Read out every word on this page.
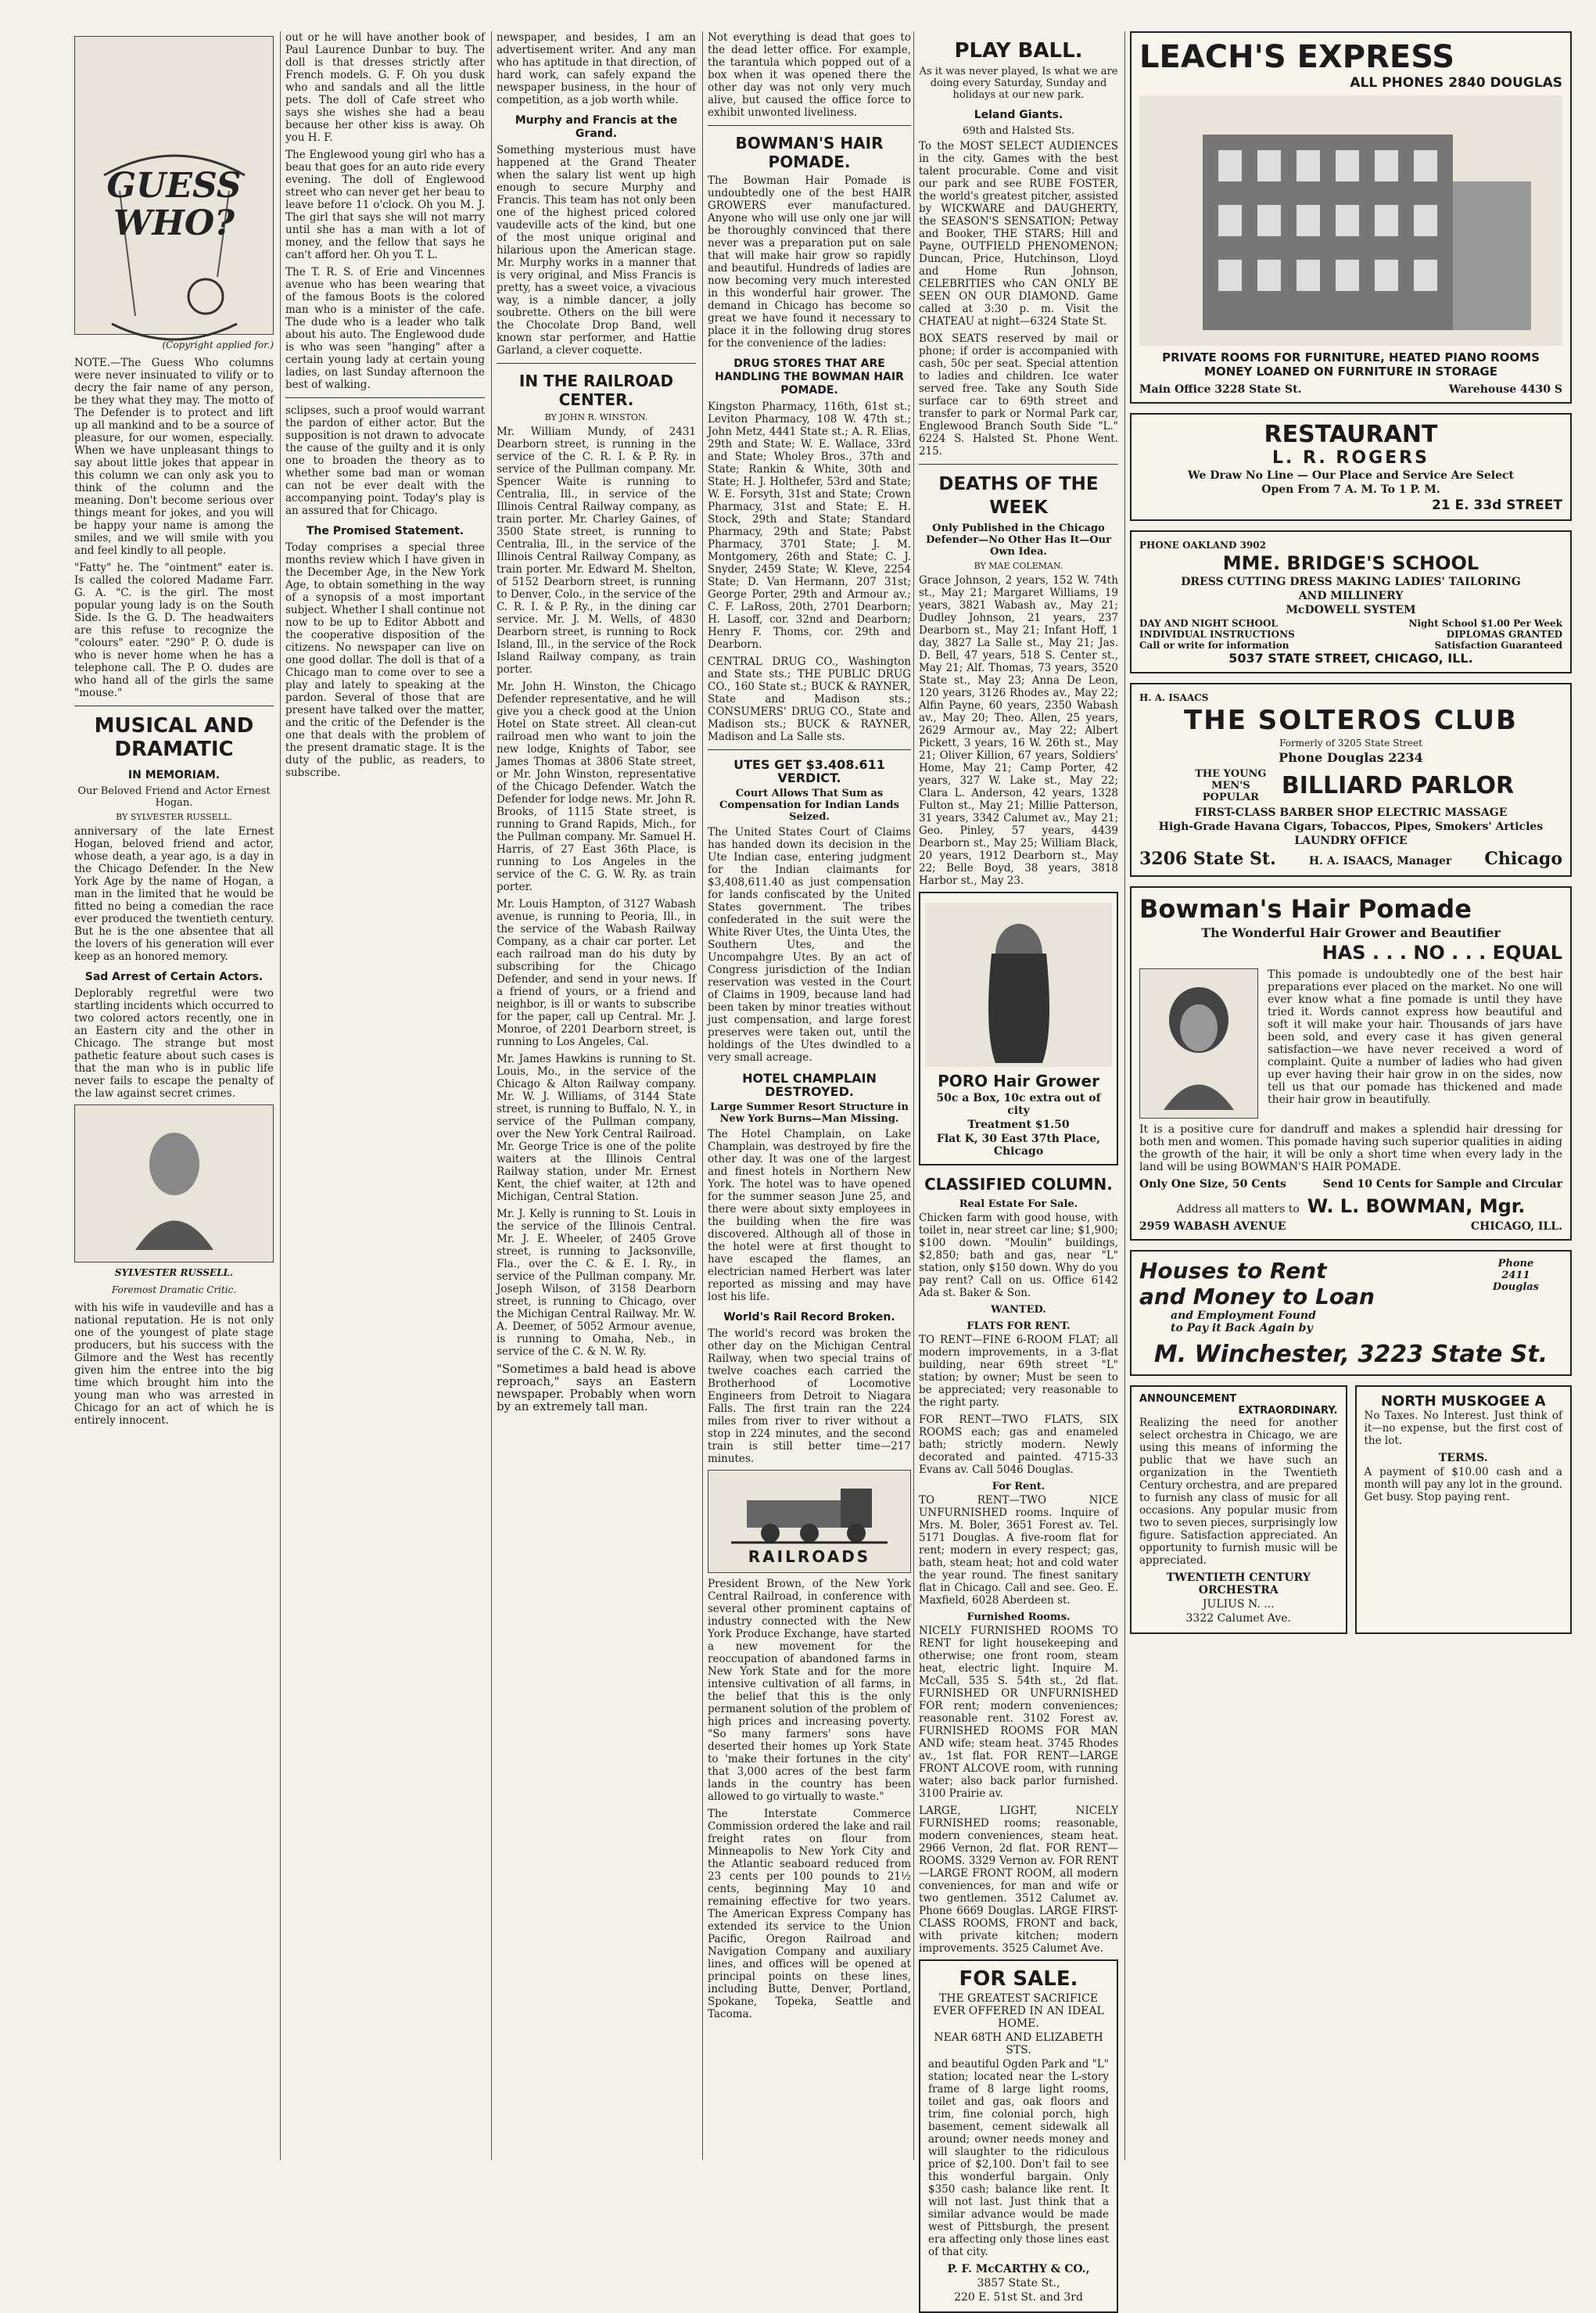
GUESS WHO?
(Copyright applied for.)

NOTE.—The Guess Who columns were never insinuated to vilify or to decry the fair name of any person, be they what they may. The motto of The Defender is to protect and lift up all mankind and to be a source of pleasure, for our women, especially. When we have unpleasant things to say about little jokes that appear in this column we can only ask you to think of the column and the meaning. Don't become serious over things meant for jokes, and you will be happy your name is among the smiles, and we will smile with you and feel kindly to all people.

"Fatty" he. The "ointment" eater is. Is called the colored Madame Farr. G. A. "C. is the girl. The most popular young lady is on the South Side. Is the G. D. The headwaiters are this refuse to recognize the "colours" eater. "290" P. O. dude is who is never home when he has a telephone call. The P. O. dudes are who hand all of the girls the same "mouse."

MUSICAL AND DRAMATIC
IN MEMORIAM.
Our Beloved Friend and Actor Ernest Hogan.
BY SYLVESTER RUSSELL.

anniversary of the late Ernest Hogan, beloved friend and actor, whose death, a year ago, is a day in the Chicago Defender. In the New York Age by the name of Hogan, a man in the limited that he would be fitted no being a comedian the race ever produced the twentieth century. But he is the one absentee that all the lovers of his generation will ever keep as an honored memory.

Sad Arrest of Certain Actors.

Deplorably regretful were two startling incidents which occurred to two colored actors recently, one in an Eastern city and the other in Chicago. The strange but most pathetic feature about such cases is that the man who is in public life never fails to escape the penalty of the law against secret crimes.

SYLVESTER RUSSELL.
Foremost Dramatic Critic.

with his wife in vaudeville and has a national reputation. He is not only one of the youngest of plate stage producers, but his success with the Gilmore and the West has recently given him the entree into the big time which brought him into the young man who was arrested in Chicago for an act of which he is entirely innocent.

out or he will have another book of Paul Laurence Dunbar to buy. The doll is that dresses strictly after French models. G. F. Oh you dusk who and sandals and all the little pets. The doll of Cafe street who says she wishes she had a beau because her other kiss is away. Oh you H. F.

The Englewood young girl who has a beau that goes for an auto ride every evening. The doll of Englewood street who can never get her beau to leave before 11 o'clock. Oh you M. J. The girl that says she will not marry until she has a man with a lot of money, and the fellow that says he can't afford her. Oh you T. L.

The T. R. S. of Erie and Vincennes avenue who has been wearing that of the famous Boots is the colored man who is a minister of the cafe. The dude who is a leader who talk about his auto. The Englewood dude is who was seen "hanging" after a certain young lady at certain young ladies, on last Sunday afternoon the best of walking.

sclipses, such a proof would warrant the pardon of either actor. But the supposition is not drawn to advocate the cause of the guilty and it is only one to broaden the theory as to whether some bad man or woman can not be ever dealt with the accompanying point. Today's play is an assured that for Chicago.

The Promised Statement.

Today comprises a special three months review which I have given in the December Age, in the New York Age, to obtain something in the way of a synopsis of a most important subject. Whether I shall continue not now to be up to Editor Abbott and the cooperative disposition of the citizens. No newspaper can live on one good dollar. The doll is that of a Chicago man to come over to see a play and lately to speaking at the pardon. Several of those that are present have talked over the matter, and the critic of the Defender is the one that deals with the problem of the present dramatic stage. It is the duty of the public, as readers, to subscribe.

newspaper, and besides, I am an advertisement writer. And any man who has aptitude in that direction, of hard work, can safely expand the newspaper business, in the hour of competition, as a job worth while.

Murphy and Francis at the Grand.

Something mysterious must have happened at the Grand Theater when the salary list went up high enough to secure Murphy and Francis. This team has not only been one of the highest priced colored vaudeville acts of the kind, but one of the most unique original and hilarious upon the American stage. Mr. Murphy works in a manner that is very original, and Miss Francis is pretty, has a sweet voice, a vivacious way, is a nimble dancer, a jolly soubrette. Others on the bill were the Chocolate Drop Band, well known star performer, and Hattie Garland, a clever coquette.

IN THE RAILROAD CENTER.
BY JOHN R. WINSTON.

Mr. William Mundy, of 2431 Dearborn street, is running in the service of the C. R. I. & P. Ry. in service of the Pullman company. Mr. Spencer Waite is running to Centralia, Ill., in service of the Illinois Central Railway company, as train porter. Mr. Charley Gaines, of 3500 State street, is running to Centralia, Ill., in the service of the Illinois Central Railway Company, as train porter. Mr. Edward M. Shelton, of 5152 Dearborn street, is running to Denver, Colo., in the service of the C. R. I. & P. Ry., in the dining car service. Mr. J. M. Wells, of 4830 Dearborn street, is running to Rock Island, Ill., in the service of the Rock Island Railway company, as train porter.

Mr. John H. Winston, the Chicago Defender representative, and he will give you a check good at the Union Hotel on State street. All clean-cut railroad men who want to join the new lodge, Knights of Tabor, see James Thomas at 3806 State street, or Mr. John Winston, representative of the Chicago Defender. Watch the Defender for lodge news. Mr. John R. Brooks, of 1115 State street, is running to Grand Rapids, Mich., for the Pullman company. Mr. Samuel H. Harris, of 27 East 36th Place, is running to Los Angeles in the service of the C. G. W. Ry. as train porter.

Mr. Louis Hampton, of 3127 Wabash avenue, is running to Peoria, Ill., in the service of the Wabash Railway Company, as a chair car porter. Let each railroad man do his duty by subscribing for the Chicago Defender, and send in your news. If a friend of yours, or a friend and neighbor, is ill or wants to subscribe for the paper, call up Central. Mr. J. Monroe, of 2201 Dearborn street, is running to Los Angeles, Cal.

Mr. James Hawkins is running to St. Louis, Mo., in the service of the Chicago & Alton Railway company. Mr. W. J. Williams, of 3144 State street, is running to Buffalo, N. Y., in service of the Pullman company, over the New York Central Railroad. Mr. George Trice is one of the polite waiters at the Illinois Central Railway station, under Mr. Ernest Kent, the chief waiter, at 12th and Michigan, Central Station.

Mr. J. Kelly is running to St. Louis in the service of the Illinois Central. Mr. J. E. Wheeler, of 2405 Grove street, is running to Jacksonville, Fla., over the C. & E. I. Ry., in service of the Pullman company. Mr. Joseph Wilson, of 3158 Dearborn street, is running to Chicago, over the Michigan Central Railway. Mr. W. A. Deemer, of 5052 Armour avenue, is running to Omaha, Neb., in service of the C. & N. W. Ry.

"Sometimes a bald head is above reproach," says an Eastern newspaper. Probably when worn by an extremely tall man.

Not everything is dead that goes to the dead letter office. For example, the tarantula which popped out of a box when it was opened there the other day was not only very much alive, but caused the office force to exhibit unwonted liveliness.

BOWMAN'S HAIR POMADE.

The Bowman Hair Pomade is undoubtedly one of the best HAIR GROWERS ever manufactured. Anyone who will use only one jar will be thoroughly convinced that there never was a preparation put on sale that will make hair grow so rapidly and beautiful. Hundreds of ladies are now becoming very much interested in this wonderful hair grower. The demand in Chicago has become so great we have found it necessary to place it in the following drug stores for the convenience of the ladies:

DRUG STORES THAT ARE HANDLING THE BOWMAN HAIR POMADE.

Kingston Pharmacy, 116th, 61st st.; Leviton Pharmacy, 108 W. 47th st.; John Metz, 4441 State st.; A. R. Elias, 29th and State; W. E. Wallace, 33rd and State; Wholey Bros., 37th and State; Rankin & White, 30th and State; H. J. Holthefer, 53rd and State; W. E. Forsyth, 31st and State; Crown Pharmacy, 31st and State; E. H. Stock, 29th and State; Standard Pharmacy, 29th and State; Pabst Pharmacy, 3701 State; J. M. Montgomery, 26th and State; C. J. Snyder, 2459 State; W. Kleve, 2254 State; D. Van Hermann, 207 31st; George Porter, 29th and Armour av.; C. F. LaRoss, 20th, 2701 Dearborn; H. Lasoff, cor. 32nd and Dearborn; Henry F. Thoms, cor. 29th and Dearborn.

CENTRAL DRUG CO., Washington and State sts.; THE PUBLIC DRUG CO., 160 State st.; BUCK & RAYNER, State and Madison sts.; CONSUMERS' DRUG CO., State and Madison sts.; BUCK & RAYNER, Madison and La Salle sts.

UTES GET $3.408.611 VERDICT.
Court Allows That Sum as Compensation for Indian Lands Seized.

The United States Court of Claims has handed down its decision in the Ute Indian case, entering judgment for the Indian claimants for $3,408,611.40 as just compensation for lands confiscated by the United States government. The tribes confederated in the suit were the White River Utes, the Uinta Utes, the Southern Utes, and the Uncompahgre Utes. By an act of Congress jurisdiction of the Indian reservation was vested in the Court of Claims in 1909, because land had been taken by minor treaties without just compensation, and large forest preserves were taken out, until the holdings of the Utes dwindled to a very small acreage.

HOTEL CHAMPLAIN DESTROYED.
Large Summer Resort Structure in New York Burns—Man Missing.

The Hotel Champlain, on Lake Champlain, was destroyed by fire the other day. It was one of the largest and finest hotels in Northern New York. The hotel was to have opened for the summer season June 25, and there were about sixty employees in the building when the fire was discovered. Although all of those in the hotel were at first thought to have escaped the flames, an electrician named Herbert was later reported as missing and may have lost his life.

World's Rail Record Broken.

The world's record was broken the other day on the Michigan Central Railway, when two special trains of twelve coaches each carried the Brotherhood of Locomotive Engineers from Detroit to Niagara Falls. The first train ran the 224 miles from river to river without a stop in 224 minutes, and the second train is still better time—217 minutes.

RAILROADS

President Brown, of the New York Central Railroad, in conference with several other prominent captains of industry connected with the New York Produce Exchange, have started a new movement for the reoccupation of abandoned farms in New York State and for the more intensive cultivation of all farms, in the belief that this is the only permanent solution of the problem of high prices and increasing poverty. "So many farmers' sons have deserted their homes up York State to 'make their fortunes in the city' that 3,000 acres of the best farm lands in the country has been allowed to go virtually to waste."

The Interstate Commerce Commission ordered the lake and rail freight rates on flour from Minneapolis to New York City and the Atlantic seaboard reduced from 23 cents per 100 pounds to 21½ cents, beginning May 10 and remaining effective for two years. The American Express Company has extended its service to the Union Pacific, Oregon Railroad and Navigation Company and auxiliary lines, and offices will be opened at principal points on these lines, including Butte, Denver, Portland, Spokane, Topeka, Seattle and Tacoma.

PLAY BALL.
As it was never played, Is what we are doing every Saturday, Sunday and holidays at our new park.
Leland Giants.
69th and Halsted Sts.

To the MOST SELECT AUDIENCES in the city. Games with the best talent procurable. Come and visit our park and see RUBE FOSTER, the world's greatest pitcher, assisted by WICKWARE and DAUGHERTY, the SEASON'S SENSATION; Petway and Booker, THE STARS; Hill and Payne, OUTFIELD PHENOMENON; Duncan, Price, Hutchinson, Lloyd and Home Run Johnson, CELEBRITIES who CAN ONLY BE SEEN ON OUR DIAMOND. Game called at 3:30 p. m. Visit the CHATEAU at night—6324 State St.

BOX SEATS reserved by mail or phone; if order is accompanied with cash, 50c per seat. Special attention to ladies and children. Ice water served free. Take any South Side surface car to 69th street and transfer to park or Normal Park car, Englewood Branch South Side "L." 6224 S. Halsted St. Phone Went. 215.

DEATHS OF THE WEEK
Only Published in the Chicago Defender—No Other Has It—Our Own Idea.
BY MAE COLEMAN.

Grace Johnson, 2 years, 152 W. 74th st., May 21; Margaret Williams, 19 years, 3821 Wabash av., May 21; Dudley Johnson, 21 years, 237 Dearborn st., May 21; Infant Hoff, 1 day, 3827 La Salle st., May 21; Jas. D. Bell, 47 years, 518 S. Center st., May 21; Alf. Thomas, 73 years, 3520 State st., May 23; Anna De Leon, 120 years, 3126 Rhodes av., May 22; Alfin Payne, 60 years, 2350 Wabash av., May 20; Theo. Allen, 25 years, 2629 Armour av., May 22; Albert Pickett, 3 years, 16 W. 26th st., May 21; Oliver Killion, 67 years, Soldiers' Home, May 21; Camp Porter, 42 years, 327 W. Lake st., May 22; Clara L. Anderson, 42 years, 1328 Fulton st., May 21; Millie Patterson, 31 years, 3342 Calumet av., May 21; Geo. Pinley, 57 years, 4439 Dearborn st., May 25; William Black, 20 years, 1912 Dearborn st., May 22; Belle Boyd, 38 years, 3818 Harbor st., May 23.

PORO Hair Grower
50c a Box, 10c extra out of city
Treatment $1.50
Flat K, 30 East 37th Place, Chicago
CLASSIFIED COLUMN.
Real Estate For Sale.

Chicken farm with good house, with toilet in, near street car line; $1,900; $100 down. "Moulin" buildings, $2,850; bath and gas, near "L" station, only $150 down. Why do you pay rent? Call on us. Office 6142 Ada st. Baker & Son.

WANTED.
FLATS FOR RENT.

TO RENT—FINE 6-ROOM FLAT; all modern improvements, in a 3-flat building, near 69th street "L" station; by owner; Must be seen to be appreciated; very reasonable to the right party.

FOR RENT—TWO FLATS, SIX ROOMS each; gas and enameled bath; strictly modern. Newly decorated and painted. 4715-33 Evans av. Call 5046 Douglas.

For Rent.

TO RENT—TWO NICE UNFURNISHED rooms. Inquire of Mrs. M. Boler, 3651 Forest av. Tel. 5171 Douglas. A five-room flat for rent; modern in every respect; gas, bath, steam heat; hot and cold water the year round. The finest sanitary flat in Chicago. Call and see. Geo. E. Maxfield, 6028 Aberdeen st.

Furnished Rooms.

NICELY FURNISHED ROOMS TO RENT for light housekeeping and otherwise; one front room, steam heat, electric light. Inquire M. McCall, 535 S. 54th st., 2d flat. FURNISHED OR UNFURNISHED FOR rent; modern conveniences; reasonable rent. 3102 Forest av. FURNISHED ROOMS FOR MAN AND wife; steam heat. 3745 Rhodes av., 1st flat. FOR RENT—LARGE FRONT ALCOVE room, with running water; also back parlor furnished. 3100 Prairie av.

LARGE, LIGHT, NICELY FURNISHED rooms; reasonable, modern conveniences, steam heat. 2966 Vernon, 2d flat. FOR RENT—ROOMS. 3329 Vernon av. FOR RENT—LARGE FRONT ROOM, all modern conveniences, for man and wife or two gentlemen. 3512 Calumet av. Phone 6669 Douglas. LARGE FIRST-CLASS ROOMS, FRONT and back, with private kitchen; modern improvements. 3525 Calumet Ave.

FOR SALE.
THE GREATEST SACRIFICE EVER OFFERED IN AN IDEAL HOME.
NEAR 68TH AND ELIZABETH STS.

and beautiful Ogden Park and "L" station; located near the L-story frame of 8 large light rooms, toilet and gas, oak floors and trim, fine colonial porch, high basement, cement sidewalk all around; owner needs money and will slaughter to the ridiculous price of $2,100. Don't fail to see this wonderful bargain. Only $350 cash; balance like rent. It will not last. Just think that a similar advance would be made west of Pittsburgh, the present era affecting only those lines east of that city.

P. F. McCARTHY & CO.,
3857 State St.,
220 E. 51st St. and 3rd
LEACH'S EXPRESS
ALL PHONES 2840 DOUGLAS
PRIVATE ROOMS FOR FURNITURE, HEATED PIANO ROOMS
MONEY LOANED ON FURNITURE IN STORAGE
Main Office 3228 State St.	Warehouse 4430 S
RESTAURANT
L. R. ROGERS
We Draw No Line — Our Place and Service Are Select
Open From 7 A. M. To 1 P. M.
21 E. 33d STREET
PHONE OAKLAND 3902
MME. BRIDGE'S SCHOOL
DRESS CUTTING DRESS MAKING LADIES' TAILORING
AND MILLINERY
McDOWELL SYSTEM
DAY AND NIGHT SCHOOL	Night School $1.00 Per Week
INDIVIDUAL INSTRUCTIONS	DIPLOMAS GRANTED
Call or write for information	Satisfaction Guaranteed
5037 STATE STREET, CHICAGO, ILL.
H. A. ISAACS
THE SOLTEROS CLUB
Formerly of 3205 State Street
Phone Douglas 2234
THE YOUNG MEN'S POPULAR BILLIARD PARLOR
FIRST-CLASS BARBER SHOP ELECTRIC MASSAGE
High-Grade Havana Cigars, Tobaccos, Pipes, Smokers' Articles
LAUNDRY OFFICE
3206 State St.	H. A. ISAACS, Manager Chicago
Bowman's Hair Pomade
The Wonderful Hair Grower and Beautifier
HAS . . . NO . . . EQUAL

This pomade is undoubtedly one of the best hair preparations ever placed on the market. No one will ever know what a fine pomade is until they have tried it. Words cannot express how beautiful and soft it will make your hair. Thousands of jars have been sold, and every case it has given general satisfaction—we have never received a word of complaint. Quite a number of ladies who had given up ever having their hair grow in on the sides, now tell us that our pomade has thickened and made their hair grow in beautifully.

It is a positive cure for dandruff and makes a splendid hair dressing for both men and women. This pomade having such superior qualities in aiding the growth of the hair, it will be only a short time when every lady in the land will be using BOWMAN'S HAIR POMADE.

Only One Size, 50 Cents	Send 10 Cents for Sample and Circular
Address all matters to W. L. BOWMAN, Mgr.
2959 WABASH AVENUE	CHICAGO, ILL.
Houses to Rent
and Money to Loan
and Employment Found
to Pay it Back Again by
Phone
2411
Douglas
M. Winchester, 3223 State St.
ANNOUNCEMENT
EXTRAORDINARY.

Realizing the need for another select orchestra in Chicago, we are using this means of informing the public that we have such an organization in the Twentieth Century orchestra, and are prepared to furnish any class of music for all occasions. Any popular music from two to seven pieces, surprisingly low figure. Satisfaction appreciated. An opportunity to furnish music will be appreciated.

TWENTIETH CENTURY ORCHESTRA
JULIUS N. ...
3322 Calumet Ave.
NORTH MUSKOGEE A

No Taxes. No Interest. Just think of it—no expense, but the first cost of the lot.

TERMS.

A payment of $10.00 cash and a month will pay any lot in the ground. Get busy. Stop paying rent.
